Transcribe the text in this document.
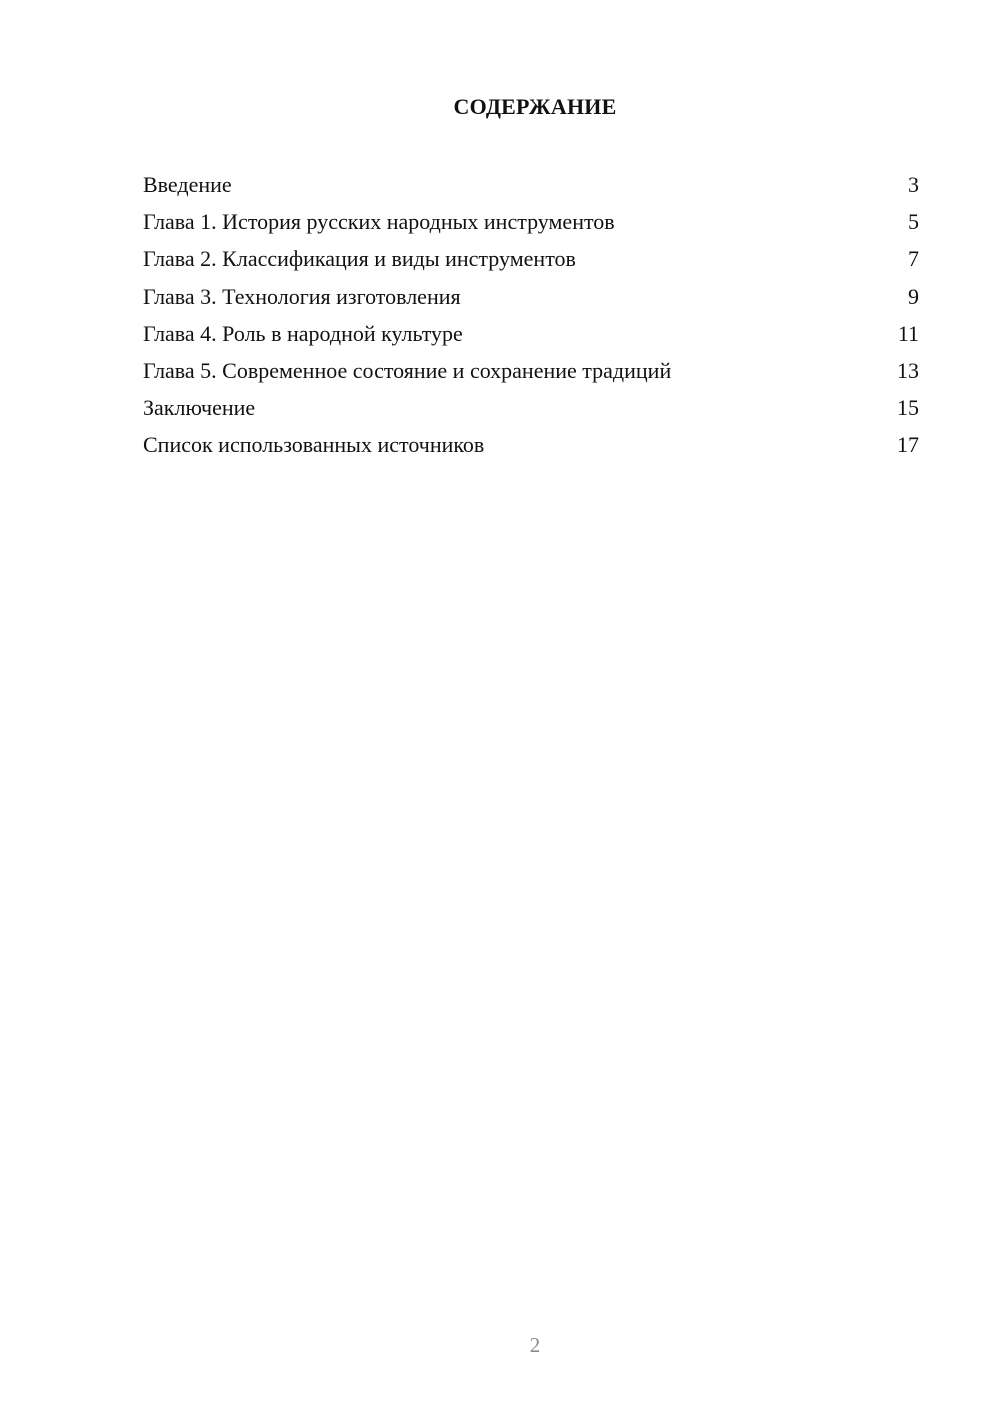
СОДЕРЖАНИЕ
Введение	3
Глава 1. История русских народных инструментов	5
Глава 2. Классификация и виды инструментов	7
Глава 3. Технология изготовления	9
Глава 4. Роль в народной культуре	11
Глава 5. Современное состояние и сохранение традиций	13
Заключение	15
Список использованных источников	17
2
